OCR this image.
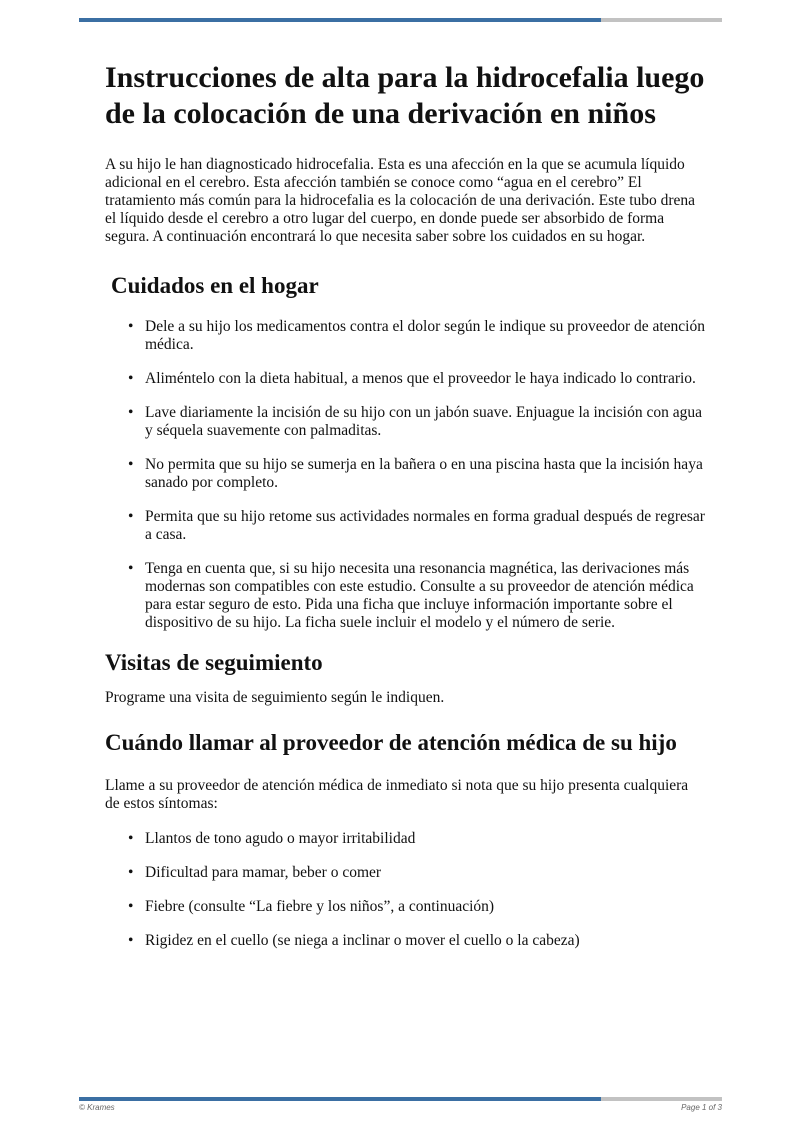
Instrucciones de alta para la hidrocefalia luego de la colocación de una derivación en niños

A su hijo le han diagnosticado hidrocefalia. Esta es una afección en la que se acumula líquido adicional en el cerebro. Esta afección también se conoce como “agua en el cerebro” El tratamiento más común para la hidrocefalia es la colocación de una derivación. Este tubo drena el líquido desde el cerebro a otro lugar del cuerpo, en donde puede ser absorbido de forma segura. A continuación encontrará lo que necesita saber sobre los cuidados en su hogar.

Cuidados en el hogar
• Dele a su hijo los medicamentos contra el dolor según le indique su proveedor de atención médica.
• Aliméntelo con la dieta habitual, a menos que el proveedor le haya indicado lo contrario.
• Lave diariamente la incisión de su hijo con un jabón suave. Enjuague la incisión con agua y séquela suavemente con palmaditas.
• No permita que su hijo se sumerja en la bañera o en una piscina hasta que la incisión haya sanado por completo.
• Permita que su hijo retome sus actividades normales en forma gradual después de regresar a casa.
• Tenga en cuenta que, si su hijo necesita una resonancia magnética, las derivaciones más modernas son compatibles con este estudio. Consulte a su proveedor de atención médica para estar seguro de esto. Pida una ficha que incluye información importante sobre el dispositivo de su hijo. La ficha suele incluir el modelo y el número de serie.
Visitas de seguimiento

Programe una visita de seguimiento según le indiquen.

Cuándo llamar al proveedor de atención médica de su hijo

Llame a su proveedor de atención médica de inmediato si nota que su hijo presenta cualquiera de estos síntomas:

• Llantos de tono agudo o mayor irritabilidad
• Dificultad para mamar, beber o comer
• Fiebre (consulte “La fiebre y los niños”, a continuación)
• Rigidez en el cuello (se niega a inclinar o mover el cuello o la cabeza)
© Krames	Page 1 of 3
